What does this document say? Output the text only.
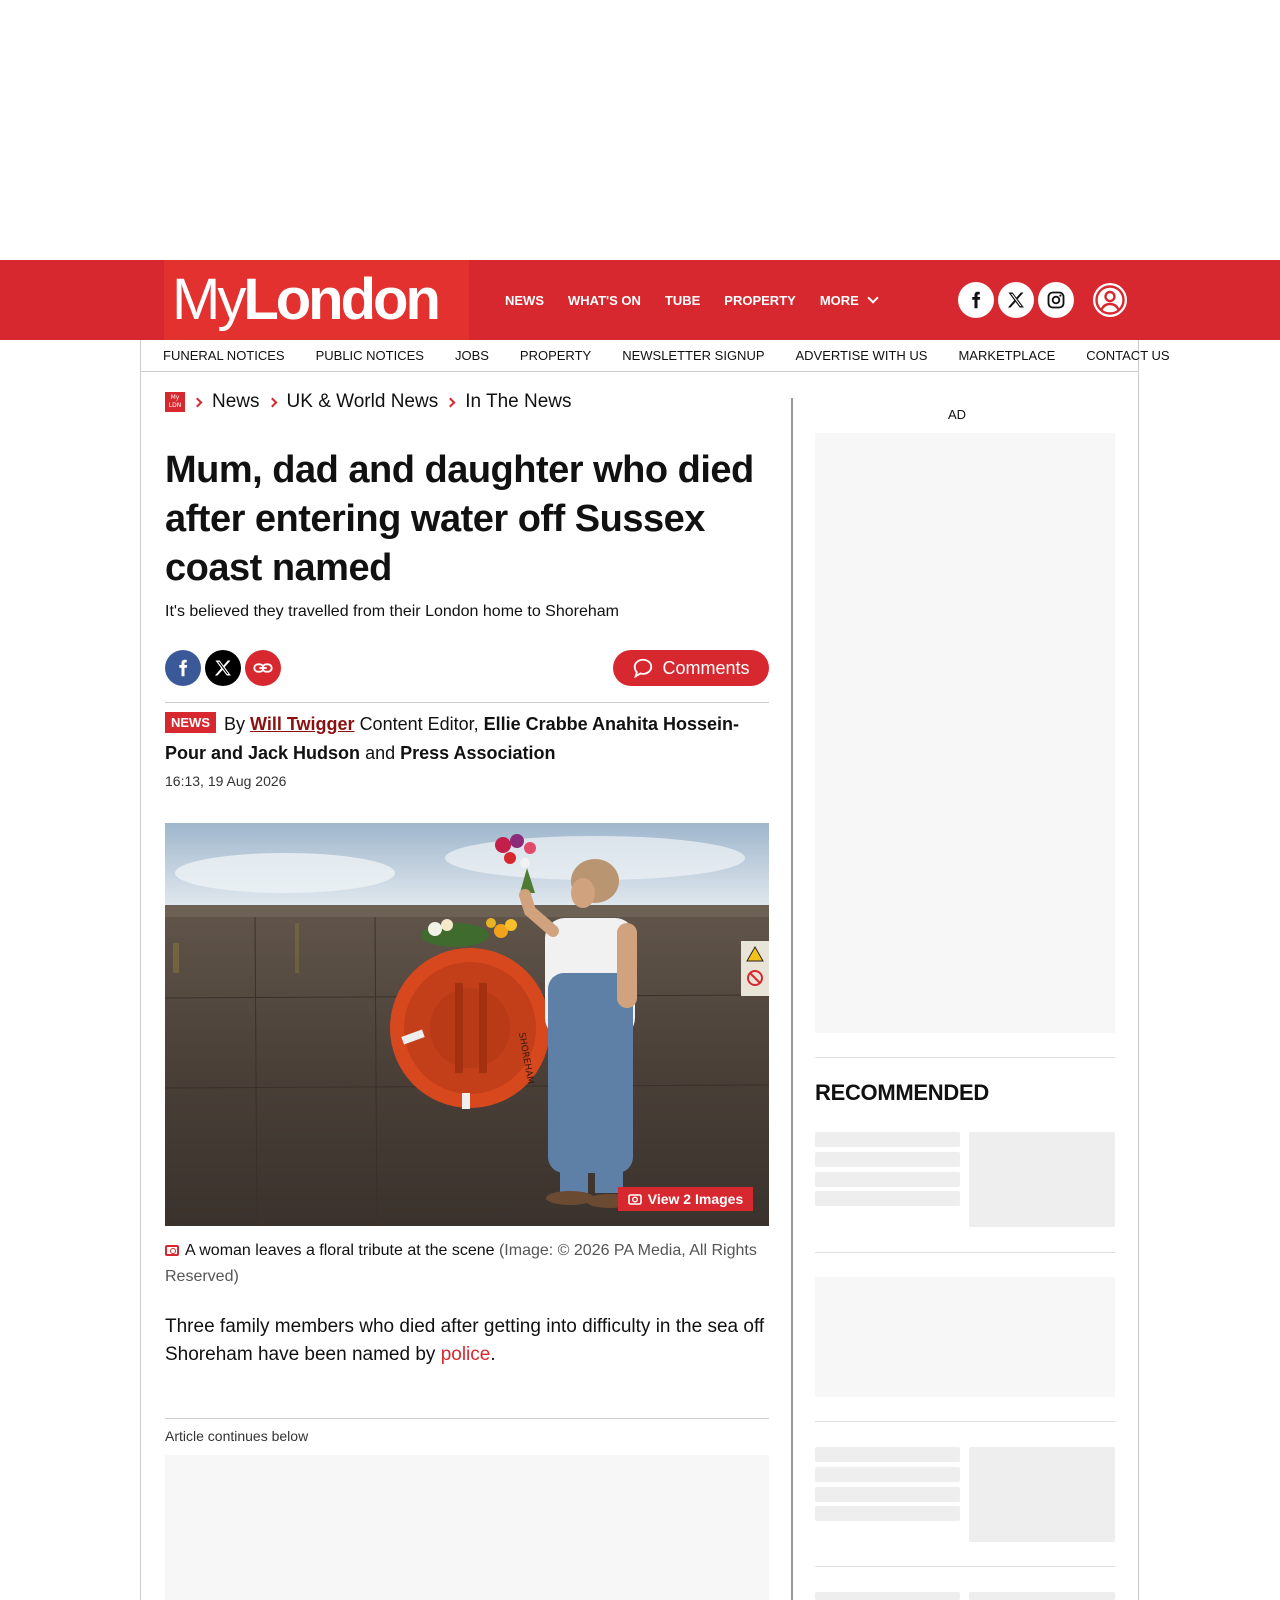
My London	NEWS WHAT'S ON TUBE PROPERTY MORE
FUNERAL NOTICES PUBLIC NOTICES JOBS PROPERTY NEWSLETTER SIGNUP ADVERTISE WITH US MARKETPLACE CONTACT US
My
LDN News UK & World News In The News
Mum, dad and daughter who died after entering water off Sussex coast named

It's believed they travelled from their London home to Shoreham

Comments
NEWS By Will Twigger Content Editor, Ellie Crabbe Anahita Hossein-Pour and Jack Hudson and Press Association
16:13, 19 Aug 2026
SHOREHAM
View 2 Images
A woman leaves a floral tribute at the scene (Image: © 2026 PA Media, All Rights Reserved)

Three family members who died after getting into difficulty in the sea off Shoreham have been named by police.

Article continues below
AD
RECOMMENDED
